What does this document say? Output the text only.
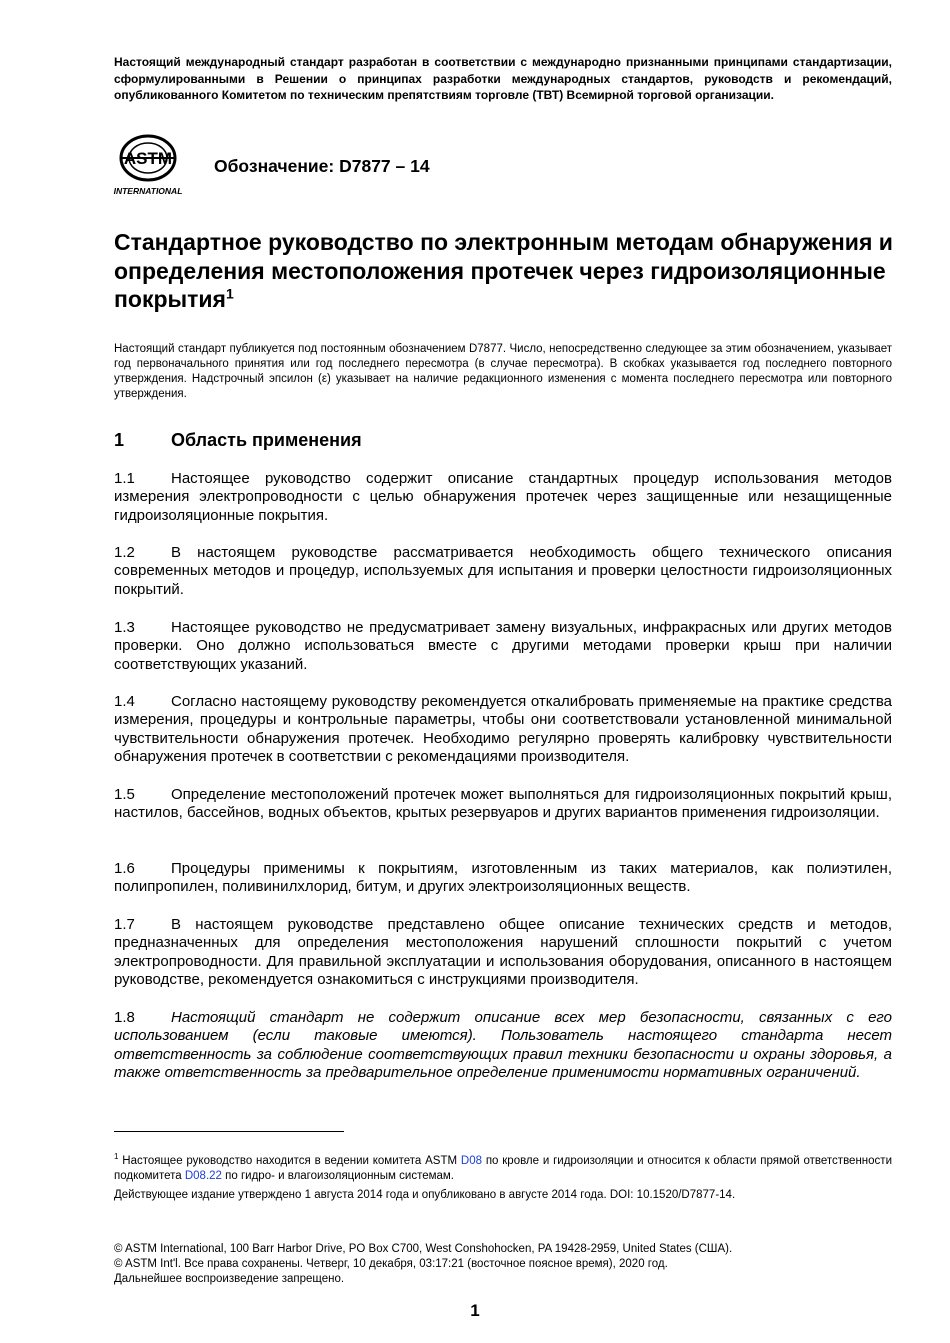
Настоящий международный стандарт разработан в соответствии с международно признанными принципами стандартизации, сформулированными в Решении о принципах разработки международных стандартов, руководств и рекомендаций, опубликованного Комитетом по техническим препятствиям торговле (ТВТ) Всемирной торговой организации.
ASTM
INTERNATIONAL
Обозначение: D7877 – 14
Стандартное руководство по электронным методам обнаружения и определения местоположения протечек через гидроизоляционные покрытия$^1$
Настоящий стандарт публикуется под постоянным обозначением D7877. Число, непосредственно следующее за этим обозначением, указывает год первоначального принятия или год последнего пересмотра (в случае пересмотра). В скобках указывается год последнего повторного утверждения. Надстрочный эпсилон (ε) указывает на наличие редакционного изменения с момента последнего пересмотра или повторного утверждения.
1	Область применения
1.1 Настоящее руководство содержит описание стандартных процедур использования методов измерения электропроводности с целью обнаружения протечек через защищенные или незащищенные гидроизоляционные покрытия.
1.2 В настоящем руководстве рассматривается необходимость общего технического описания современных методов и процедур, используемых для испытания и проверки целостности гидроизоляционных покрытий.
1.3 Настоящее руководство не предусматривает замену визуальных, инфракрасных или других методов проверки. Оно должно использоваться вместе с другими методами проверки крыш при наличии соответствующих указаний.
1.4 Согласно настоящему руководству рекомендуется откалибровать применяемые на практике средства измерения, процедуры и контрольные параметры, чтобы они соответствовали установленной минимальной чувствительности обнаружения протечек. Необходимо регулярно проверять калибровку чувствительности обнаружения протечек в соответствии с рекомендациями производителя.
1.5 Определение местоположений протечек может выполняться для гидроизоляционных покрытий крыш, настилов, бассейнов, водных объектов, крытых резервуаров и других вариантов применения гидроизоляции.
1.6 Процедуры применимы к покрытиям, изготовленным из таких материалов, как полиэтилен, полипропилен, поливинилхлорид, битум, и других электроизоляционных веществ.
1.7 В настоящем руководстве представлено общее описание технических средств и методов, предназначенных для определения местоположения нарушений сплошности покрытий с учетом электропроводности. Для правильной эксплуатации и использования оборудования, описанного в настоящем руководстве, рекомендуется ознакомиться с инструкциями производителя.
1.8 Настоящий стандарт не содержит описание всех мер безопасности, связанных с его использованием (если таковые имеются). Пользователь настоящего стандарта несет ответственность за соблюдение соответствующих правил техники безопасности и охраны здоровья, а также ответственность за предварительное определение применимости нормативных ограничений.
$^1$ Настоящее руководство находится в ведении комитета ASTM D08 по кровле и гидроизоляции и относится к области прямой ответственности подкомитета D08.22 по гидро- и влагоизоляционным системам.
Действующее издание утверждено 1 августа 2014 года и опубликовано в августе 2014 года. DOI: 10.1520/D7877-14.
© ASTM International, 100 Barr Harbor Drive, PO Box C700, West Conshohocken, PA 19428-2959, United States (США).
© ASTM Int'l. Все права сохранены. Четверг, 10 декабря, 03:17:21 (восточное поясное время), 2020 год.
Дальнейшее воспроизведение запрещено.
1
